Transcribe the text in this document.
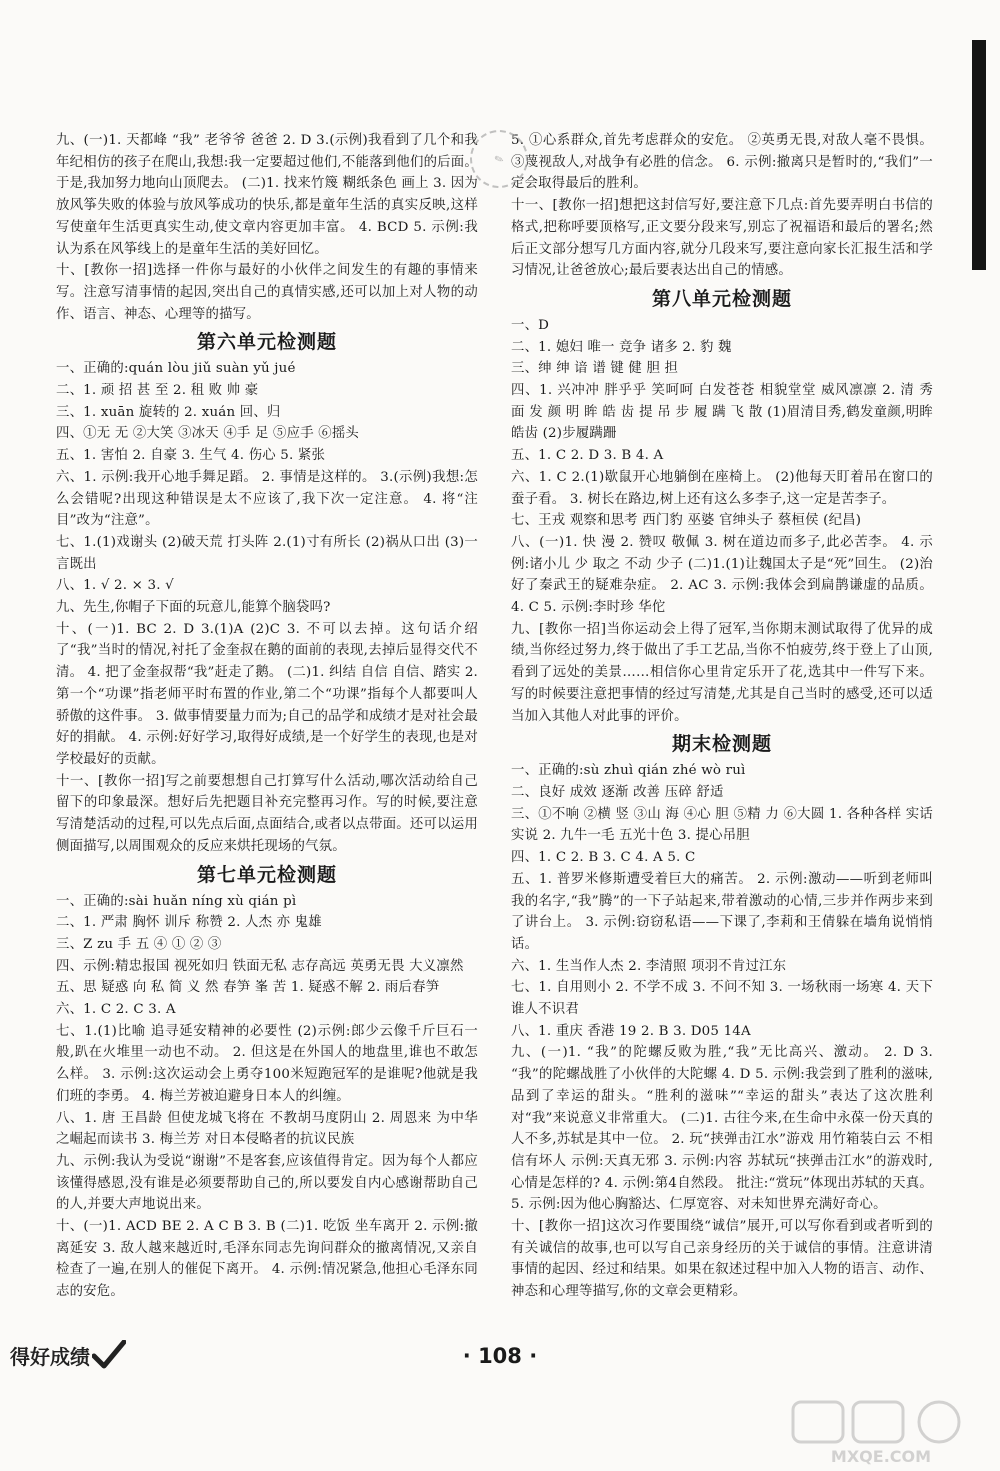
九、(一)1. 天都峰 “我” 老爷爷 爸爸 2. D 3.(示例)我看到了几个和我年纪相仿的孩子在爬山,我想:我一定要超过他们,不能落到他们的后面。于是,我加努力地向山顶爬去。 (二)1. 找来竹篾 糊纸条色 画上 3. 因为放风筝失败的体验与放风筝成功的快乐,都是童年生活的真实反映,这样写使童年生活更真实生动,使文章内容更加丰富。 4. BCD 5. 示例:我认为系在风筝线上的是童年生活的美好回忆。

十、[教你一招]选择一件你与最好的小伙伴之间发生的有趣的事情来写。注意写清事情的起因,突出自己的真情实感,还可以加上对人物的动作、语言、神态、心理等的描写。

第六单元检测题

一、正确的:quán lòu jiǔ suàn yǔ jué

二、1. 顽 招 甚 至 2. 租 败 帅 豪

三、1. xuān 旋转的 2. xuán 回、归

四、①无 无 ②大笑 ③冰天 ④手 足 ⑤应手 ⑥摇头

五、1. 害怕 2. 自豪 3. 生气 4. 伤心 5. 紧张

六、1. 示例:我开心地手舞足蹈。 2. 事情是这样的。 3.(示例)我想:怎么会错呢?出现这种错误是太不应该了,我下次一定注意。 4. 将“注目”改为“注意”。

七、1.(1)戏谢头 (2)破天荒 打头阵 2.(1)寸有所长 (2)祸从口出 (3)一言既出

八、1. √ 2. × 3. √

九、先生,你帽子下面的玩意儿,能算个脑袋吗?

十、(一)1. BC 2. D 3.(1)A (2)C 3. 不可以去掉。这句话介绍了“我”当时的情况,衬托了金奎叔在鹅的面前的表现,去掉后显得交代不清。 4. 把了金奎叔帮“我”赶走了鹅。 (二)1. 纠结 自信 自信、踏实 2. 第一个“功课”指老师平时布置的作业,第二个“功课”指每个人都要叫人骄傲的这件事。 3. 做事情要量力而为;自己的品学和成绩才是对社会最好的捐献。 4. 示例:好好学习,取得好成绩,是一个好学生的表现,也是对学校最好的贡献。

十一、[教你一招]写之前要想想自己打算写什么活动,哪次活动给自己留下的印象最深。想好后先把题目补充完整再习作。写的时候,要注意写清楚活动的过程,可以先点后面,点面结合,或者以点带面。还可以运用侧面描写,以周围观众的反应来烘托现场的气氛。

第七单元检测题

一、正确的:sài huǎn níng xù qián pì

二、1. 严肃 胸怀 训斥 称赞 2. 人杰 亦 鬼雄

三、Z zu 手 五 ④ ① ② ③

四、示例:精忠报国 视死如归 铁面无私 志存高远 英勇无畏 大义凛然

五、思 疑惑 向 私 简 义 然 春笋 峯 苦 1. 疑惑不解 2. 雨后春笋

六、1. C 2. C 3. A

七、1.(1)比喻 追寻延安精神的必要性 (2)示例:郎少云像千斤巨石一般,趴在火堆里一动也不动。 2. 但这是在外国人的地盘里,谁也不敢怎么样。 3. 示例:这次运动会上勇夺100米短跑冠军的是谁呢?他就是我们班的李勇。 4. 梅兰芳被迫避身日本人的纠缠。

八、1. 唐 王昌龄 但使龙城飞将在 不教胡马度阴山 2. 周恩来 为中华之崛起而读书 3. 梅兰芳 对日本侵略者的抗议民族

九、示例:我认为受说“谢谢”不是客套,应该值得肯定。因为每个人都应该懂得感恩,没有谁是必须要帮助自己的,所以要发自内心感谢帮助自己的人,并要大声地说出来。

十、(一)1. ACD BE 2. A C B 3. B (二)1. 吃饭 坐车离开 2. 示例:撤离延安 3. 敌人越来越近时,毛泽东同志先询问群众的撤离情况,又亲自检查了一遍,在别人的催促下离开。 4. 示例:情况紧急,他担心毛泽东同志的安危。

5. ①心系群众,首先考虑群众的安危。 ②英勇无畏,对敌人毫不畏惧。 ③蔑视敌人,对战争有必胜的信念。 6. 示例:撤离只是暂时的,“我们”一定会取得最后的胜利。

十一、[教你一招]想把这封信写好,要注意下几点:首先要弄明白书信的格式,把称呼要顶格写,正文要分段来写,别忘了祝福语和最后的署名;然后正文部分想写几方面内容,就分几段来写,要注意向家长汇报生活和学习情况,让爸爸放心;最后要表达出自己的情感。

第八单元检测题

一、D

二、1. 媳妇 唯一 竞争 诸多 2. 豹 魏

三、绅 绅 谙 谱 键 健 胆 担

四、1. 兴冲冲 胖乎乎 笑呵呵 白发苍苍 相貌堂堂 威风凛凛 2. 清 秀 面 发 颜 明 眸 皓 齿 提 吊 步 履 蹒 飞 散 (1)眉清目秀,鹤发童颜,明眸皓齿 (2)步履蹒跚

五、1. C 2. D 3. B 4. A

六、1. C 2.(1)歇鼠开心地躺倒在座椅上。 (2)他每天盯着吊在窗口的蚕子看。 3. 树长在路边,树上还有这么多李子,这一定是苦李子。

七、王戎 观察和思考 西门豹 巫婆 官绅头子 蔡桓侯 (纪昌)

八、(一)1. 快 漫 2. 赞叹 敬佩 3. 树在道边而多子,此必苦李。 4. 示例:诸小儿 少 取之 不动 少子 (二)1.(1)让魏国太子是“死”回生。 (2)治好了秦武王的疑难杂症。 2. AC 3. 示例:我体会到扁鹊谦虚的品质。 4. C 5. 示例:李时珍 华佗

九、[教你一招]当你运动会上得了冠军,当你期末测试取得了优异的成绩,当你经过努力,终于做出了手工艺品,当你不怕疲劳,终于登上了山顶,看到了远处的美景……相信你心里肯定乐开了花,选其中一件写下来。写的时候要注意把事情的经过写清楚,尤其是自己当时的感受,还可以适当加入其他人对此事的评价。

期末检测题

一、正确的:sù zhuì qián zhé wò ruì

二、良好 成效 逐渐 改善 压碎 舒适

三、①不响 ②横 竖 ③山 海 ④心 胆 ⑤精 力 ⑥大圆 1. 各种各样 实话实说 2. 九牛一毛 五光十色 3. 提心吊胆

四、1. C 2. B 3. C 4. A 5. C

五、1. 普罗米修斯遭受着巨大的痛苦。 2. 示例:激动——听到老师叫我的名字,“我”腾”的一下子站起来,带着激动的心情,三步并作两步来到了讲台上。 3. 示例:窃窃私语——下课了,李莉和王倩躲在墙角说悄悄话。

六、1. 生当作人杰 2. 李清照 项羽不肯过江东

七、1. 自用则小 2. 不学不成 3. 不问不知 3. 一场秋雨一场寒 4. 天下谁人不识君

八、1. 重庆 香港 19 2. B 3. D05 14A

九、(一)1. “我”的陀螺反败为胜,“我”无比高兴、激动。 2. D 3. “我”的陀螺战胜了小伙伴的大陀螺 4. D 5. 示例:我尝到了胜利的滋味,品到了幸运的甜头。“胜利的滋味”“幸运的甜头”表达了这次胜利对“我”来说意义非常重大。 (二)1. 古往今来,在生命中永葆一份天真的人不多,苏轼是其中一位。 2. 玩“挟弹击江水”游戏 用竹箱装白云 不相信有坏人 示例:天真无邪 3. 示例:内容 苏轼玩“挟弹击江水”的游戏时,心情是怎样的? 4. 示例:第4自然段。 批注:“赏玩”体现出苏轼的天真。 5. 示例:因为他心胸豁达、仁厚宽容、对未知世界充满好奇心。

十、[教你一招]这次习作要围绕“诚信”展开,可以写你看到或者听到的有关诚信的故事,也可以写自己亲身经历的关于诚信的事情。注意讲清事情的起因、经过和结果。如果在叙述过程中加入人物的语言、动作、神态和心理等描写,你的文章会更精彩。

✎
· 108 ·
得好成绩
MXQE.COM
